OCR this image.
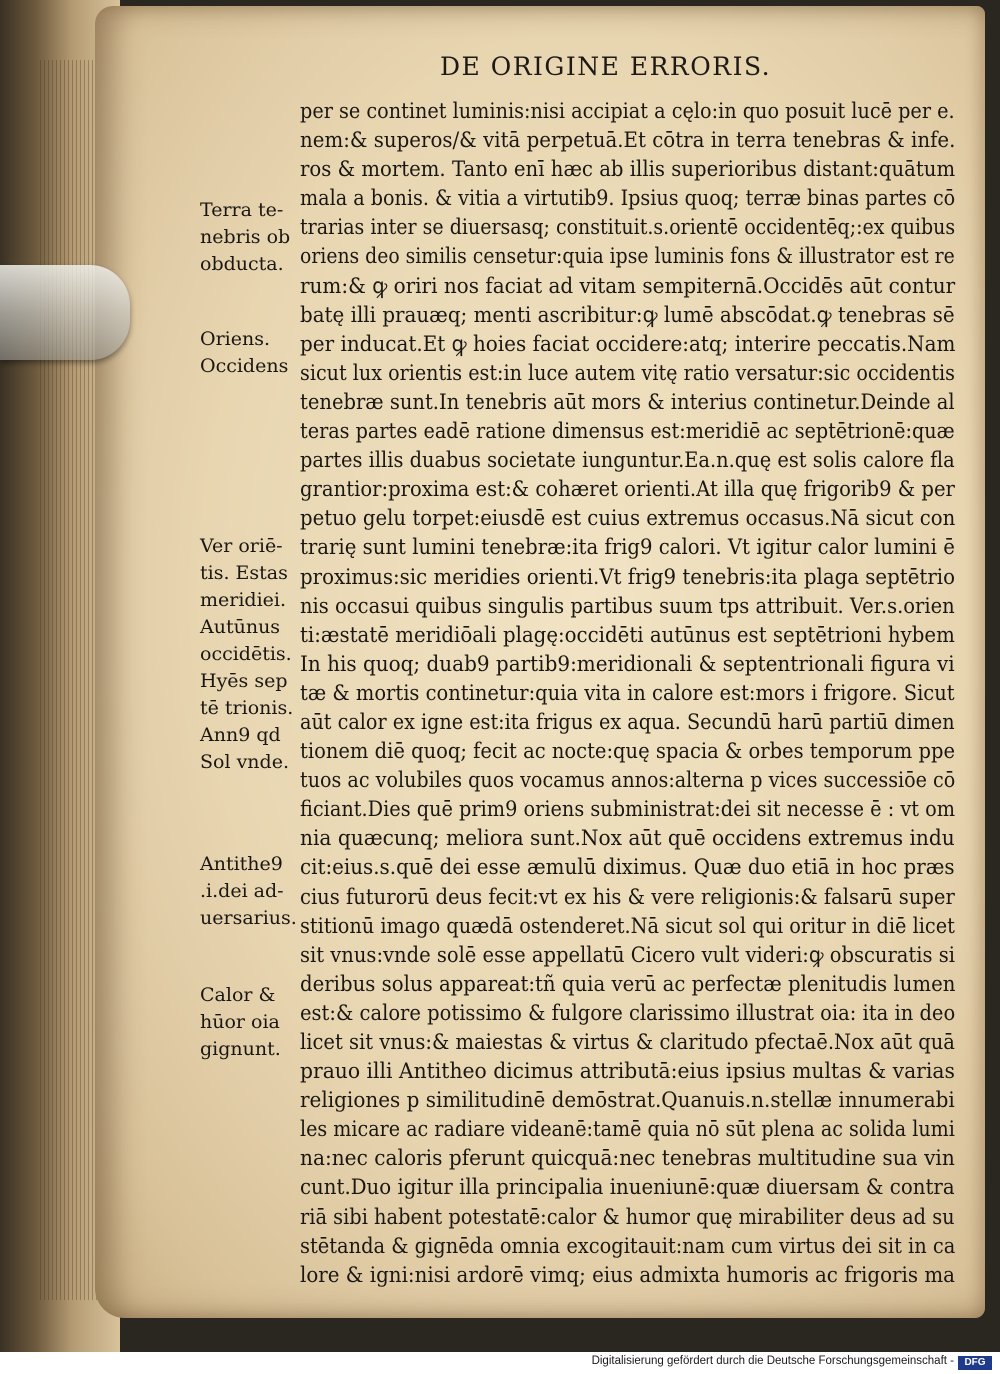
DE ORIGINE ERRORIS.
per se continet luminis:nisi accipiat a cęlo:in quo posuit lucē per e.
nem:& superos/& vitā perpetuā.Et cōtra in terra tenebras & infe.
ros & mortem. Tanto enī hæc ab illis superioribus distant:quātum
mala a bonis. & vitia a virtutib9. Ipsius quoq; terræ binas partes cō
trarias inter se diuersasq; constituit.s.orientē occidentēq;:ex quibus
oriens deo similis censetur:quia ipse luminis fons & illustrator est re
rum:& ꝙ oriri nos faciat ad vitam sempiternā.Occidēs aūt contur
batę illi prauæq; menti ascribitur:ꝙ lumē abscōdat.ꝙ tenebras sē
per inducat.Et ꝙ hoies faciat occidere:atq; interire peccatis.Nam
sicut lux orientis est:in luce autem vitę ratio versatur:sic occidentis
tenebræ sunt.In tenebris aūt mors & interius continetur.Deinde al
teras partes eadē ratione dimensus est:meridiē ac septētrionē:quæ
partes illis duabus societate iunguntur.Ea.n.quę est solis calore fla
grantior:proxima est:& cohæret orienti.At illa quę frigorib9 & per
petuo gelu torpet:eiusdē est cuius extremus occasus.Nā sicut con
trarię sunt lumini tenebræ:ita frig9 calori. Vt igitur calor lumini ē
proximus:sic meridies orienti.Vt frig9 tenebris:ita plaga septētrio
nis occasui quibus singulis partibus suum tps attribuit. Ver.s.orien
ti:æstatē meridiōali plagę:occidēti autūnus est septētrioni hybem
In his quoq; duab9 partib9:meridionali & septentrionali figura vi
tæ & mortis continetur:quia vita in calore est:mors i frigore. Sicut
aūt calor ex igne est:ita frigus ex aqua. Secundū harū partiū dimen
tionem diē quoq; fecit ac nocte:quę spacia & orbes temporum ppe
tuos ac volubiles quos vocamus annos:alterna p vices successiōe cō
ficiant.Dies quē prim9 oriens subministrat:dei sit necesse ē : vt om
nia quæcunq; meliora sunt.Nox aūt quē occidens extremus indu
cit:eius.s.quē dei esse æmulū diximus. Quæ duo etiā in hoc præs
cius futurorū deus fecit:vt ex his & vere religionis:& falsarū super
stitionū imago quædā ostenderet.Nā sicut sol qui oritur in diē licet
sit vnus:vnde solē esse appellatū Cicero vult videri:ꝙ obscuratis si
deribus solus appareat:tñ quia verū ac perfectæ plenitudis lumen
est:& calore potissimo & fulgore clarissimo illustrat oia: ita in deo
licet sit vnus:& maiestas & virtus & claritudo pfectaē.Nox aūt quā
prauo illi Antitheo dicimus attributā:eius ipsius multas & varias
religiones p similitudinē demōstrat.Quanuis.n.stellæ innumerabi
les micare ac radiare videanē:tamē quia nō sūt plena ac solida lumi
na:nec caloris pferunt quicquā:nec tenebras multitudine sua vin
cunt.Duo igitur illa principalia inueniunē:quæ diuersam & contra
riā sibi habent potestatē:calor & humor quę mirabiliter deus ad su
stētanda & gignēda omnia excogitauit:nam cum virtus dei sit in ca
lore & igni:nisi ardorē vimq; eius admixta humoris ac frigoris ma
Terra te-
nebris ob
obducta.
Oriens.
Occidens
Ver oriē-
tis. Estas
meridiei.
Autūnus
occidētis.
Hyēs sep
tē trionis.
Ann9 qd
Sol vnde.
Antithe9
.i.dei ad-
uersarius.
Calor &
hūor oia
gignunt.
Digitalisierung gefördert durch die Deutsche Forschungsgemeinschaft -	DFG
